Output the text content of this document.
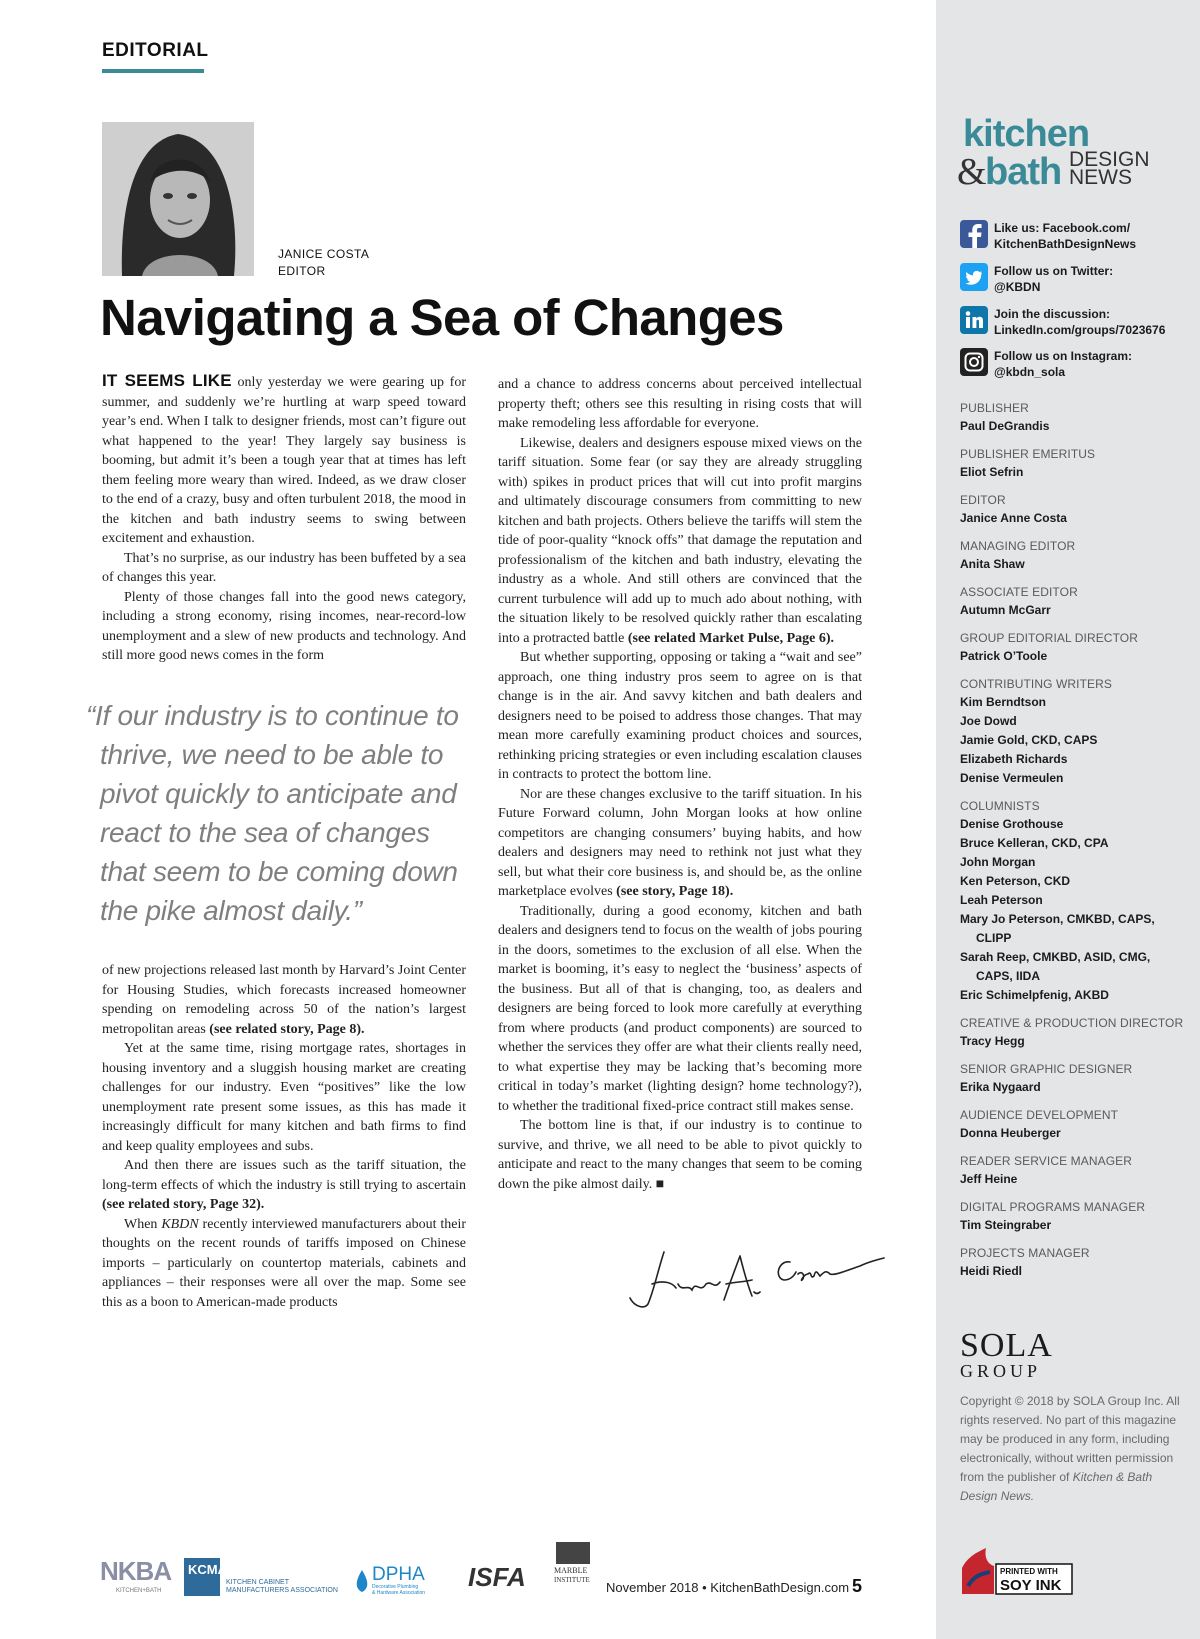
EDITORIAL
JANICE COSTA
EDITOR
Navigating a Sea of Changes

IT SEEMS LIKE only yesterday we were gearing up for summer, and suddenly we’re hurtling at warp speed toward year’s end. When I talk to designer friends, most can’t figure out what happened to the year! They largely say business is booming, but admit it’s been a tough year that at times has left them feeling more weary than wired. Indeed, as we draw closer to the end of a crazy, busy and often turbulent 2018, the mood in the kitchen and bath industry seems to swing between excitement and exhaustion.

That’s no surprise, as our industry has been buffeted by a sea of changes this year.

Plenty of those changes fall into the good news category, including a strong economy, rising incomes, near-record-low unemployment and a slew of new products and technology. And still more good news comes in the form

“If our industry is to continue to
thrive, we need to be able to
pivot quickly to anticipate and
react to the sea of changes
that seem to be coming down
the pike almost daily.”

of new projections released last month by Harvard’s Joint Center for Housing Studies, which forecasts increased homeowner spending on remodeling across 50 of the nation’s largest metropolitan areas (see related story, Page 8).

Yet at the same time, rising mortgage rates, shortages in housing inventory and a sluggish housing market are creating challenges for our industry. Even “positives” like the low unemployment rate present some issues, as this has made it increasingly difficult for many kitchen and bath firms to find and keep quality employees and subs.

And then there are issues such as the tariff situation, the long-term effects of which the industry is still trying to ascertain (see related story, Page 32).

When KBDN recently interviewed manufacturers about their thoughts on the recent rounds of tariffs imposed on Chinese imports – particularly on countertop materials, cabinets and appliances – their responses were all over the map. Some see this as a boon to American-made products

and a chance to address concerns about perceived intellectual property theft; others see this resulting in rising costs that will make remodeling less affordable for everyone.

Likewise, dealers and designers espouse mixed views on the tariff situation. Some fear (or say they are already struggling with) spikes in product prices that will cut into profit margins and ultimately discourage consumers from committing to new kitchen and bath projects. Others believe the tariffs will stem the tide of poor-quality “knock offs” that damage the reputation and professionalism of the kitchen and bath industry, elevating the industry as a whole. And still others are convinced that the current turbulence will add up to much ado about nothing, with the situation likely to be resolved quickly rather than escalating into a protracted battle (see related Market Pulse, Page 6).

But whether supporting, opposing or taking a “wait and see” approach, one thing industry pros seem to agree on is that change is in the air. And savvy kitchen and bath dealers and designers need to be poised to address those changes. That may mean more carefully examining product choices and sources, rethinking pricing strategies or even including escalation clauses in contracts to protect the bottom line.

Nor are these changes exclusive to the tariff situation. In his Future Forward column, John Morgan looks at how online competitors are changing consumers’ buying habits, and how dealers and designers may need to rethink not just what they sell, but what their core business is, and should be, as the online marketplace evolves (see story, Page 18).

Traditionally, during a good economy, kitchen and bath dealers and designers tend to focus on the wealth of jobs pouring in the doors, sometimes to the exclusion of all else. When the market is booming, it’s easy to neglect the ‘business’ aspects of the business. But all of that is changing, too, as dealers and designers are being forced to look more carefully at everything from where products (and product components) are sourced to whether the services they offer are what their clients really need, to what expertise they may be lacking that’s becoming more critical in today’s market (lighting design? home technology?), to whether the traditional fixed-price contract still makes sense.

The bottom line is that, if our industry is to continue to survive, and thrive, we all need to be able to pivot quickly to anticipate and react to the many changes that seem to be coming down the pike almost daily. ■

kitchen
&
bath DESIGN
NEWS
Like us: Facebook.com/
KitchenBathDesignNews
Follow us on Twitter:
@KBDN
Join the discussion:
LinkedIn.com/groups/7023676
Follow us on Instagram:
@kbdn_sola
PUBLISHER
Paul DeGrandis
PUBLISHER EMERITUS
Eliot Sefrin
EDITOR
Janice Anne Costa
MANAGING EDITOR
Anita Shaw
ASSOCIATE EDITOR
Autumn McGarr
GROUP EDITORIAL DIRECTOR
Patrick O’Toole
CONTRIBUTING WRITERS
Kim Berndtson
Joe Dowd
Jamie Gold, CKD, CAPS
Elizabeth Richards
Denise Vermeulen
COLUMNISTS
Denise Grothouse
Bruce Kelleran, CKD, CPA
John Morgan
Ken Peterson, CKD
Leah Peterson
Mary Jo Peterson, CMKBD, CAPS,
CLIPP
Sarah Reep, CMKBD, ASID, CMG,
CAPS, IIDA
Eric Schimelpfenig, AKBD
CREATIVE & PRODUCTION DIRECTOR
Tracy Hegg
SENIOR GRAPHIC DESIGNER
Erika Nygaard
AUDIENCE DEVELOPMENT
Donna Heuberger
READER SERVICE MANAGER
Jeff Heine
DIGITAL PROGRAMS MANAGER
Tim Steingraber
PROJECTS MANAGER
Heidi Riedl
SOLA
GROUP
Copyright © 2018 by SOLA Group Inc. All rights reserved. No part of this magazine may be produced in any form, including electronically, without written permission from the publisher of Kitchen & Bath Design News.
PRINTED WITH
SOY INK
NKBA
KITCHEN+BATH
KCMA
KITCHEN CABINET
MANUFACTURERS ASSOCIATION
DPHA
Decorative Plumbing
& Hardware Association
ISFA	MARBLE
INSTITUTE November 2018 • KitchenBathDesign.com 5
